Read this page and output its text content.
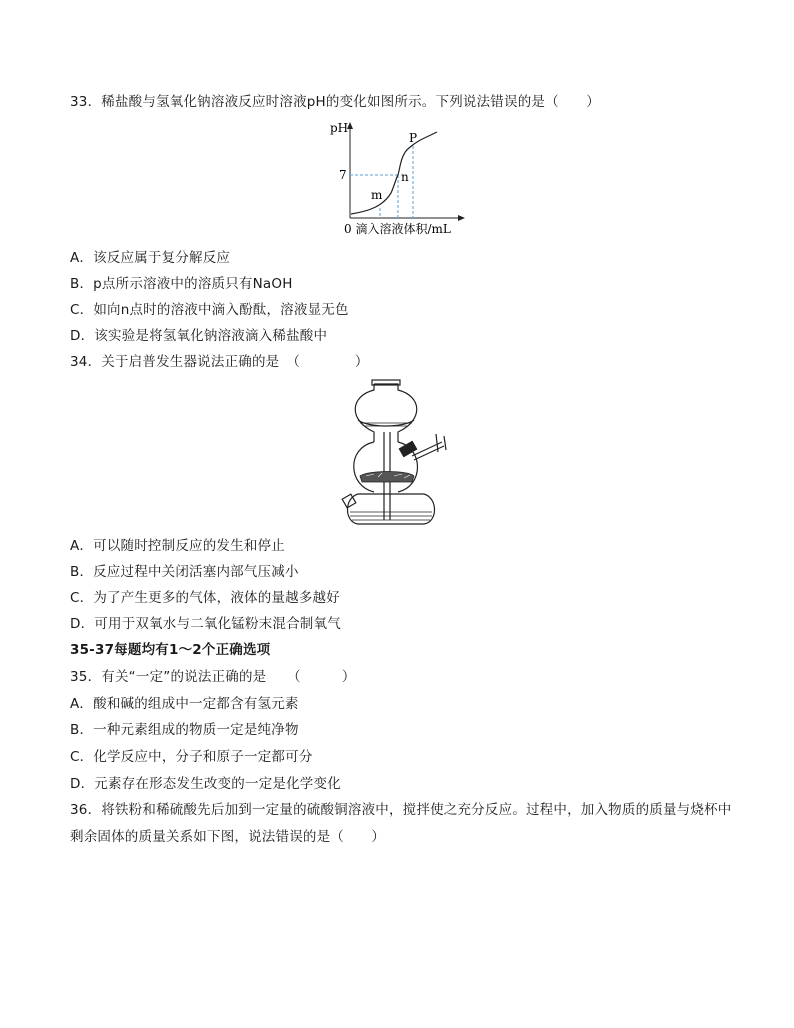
33．稀盐酸与氢氧化钠溶液反应时溶液pH的变化如图所示。下列说法错误的是（　　）
pH
7
P
n
m
0 滴入溶液体积/mL
A．该反应属于复分解反应
B．p点所示溶液中的溶质只有NaOH
C．如向n点时的溶液中滴入酚酞，溶液显无色
D．该实验是将氢氧化钠溶液滴入稀盐酸中
34．关于启普发生器说法正确的是　（　　　　）
A．可以随时控制反应的发生和停止
B．反应过程中关闭活塞内部气压减小
C．为了产生更多的气体，液体的量越多越好
D．可用于双氧水与二氧化锰粉末混合制氧气
35-37每题均有1～2个正确选项
35．有关“一定”的说法正确的是　　（　　　）
A．酸和碱的组成中一定都含有氢元素
B．一种元素组成的物质一定是纯净物
C．化学反应中，分子和原子一定都可分
D．元素存在形态发生改变的一定是化学变化
36．将铁粉和稀硫酸先后加到一定量的硫酸铜溶液中，搅拌使之充分反应。过程中，加入物质的质量与烧杯中
剩余固体的质量关系如下图，说法错误的是（　　）
